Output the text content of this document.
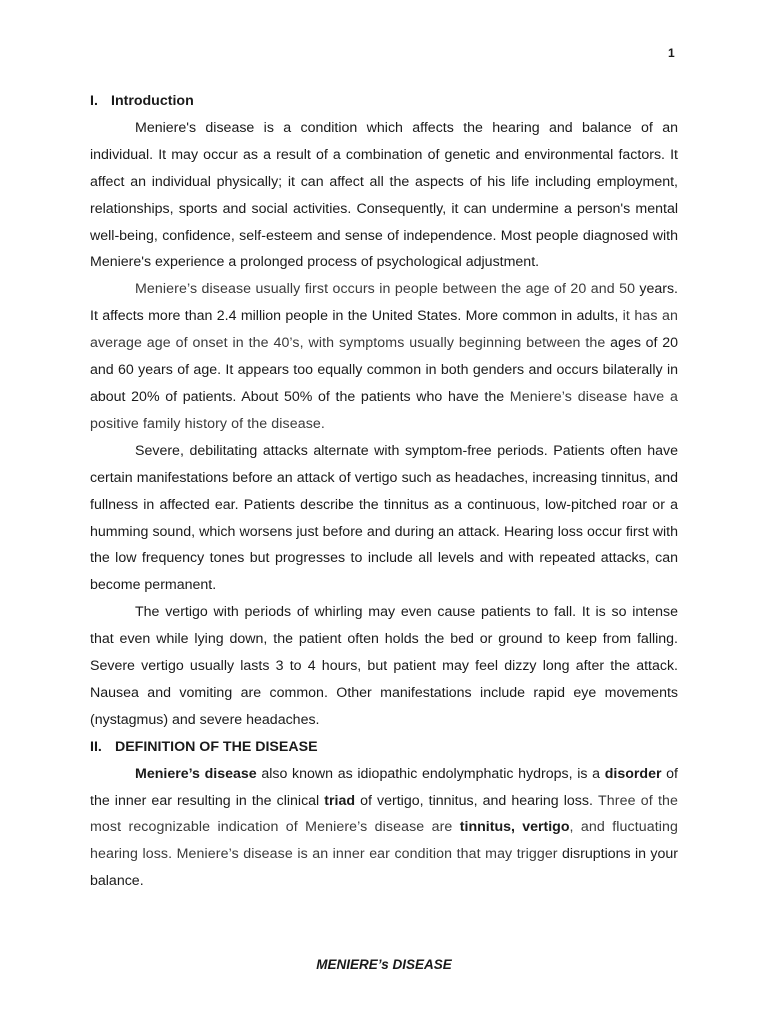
1
I. Introduction

Meniere's disease is a condition which affects the hearing and balance of an individual. It may occur as a result of a combination of genetic and environmental factors. It affect an individual physically; it can affect all the aspects of his life including employment, relationships, sports and social activities. Consequently, it can undermine a person's mental well-being, confidence, self-esteem and sense of independence. Most people diagnosed with Meniere's experience a prolonged process of psychological adjustment.

Meniere’s disease usually first occurs in people between the age of 20 and 50 years. It affects more than 2.4 million people in the United States. More common in adults, it has an average age of onset in the 40’s, with symptoms usually beginning between the ages of 20 and 60 years of age. It appears too equally common in both genders and occurs bilaterally in about 20% of patients. About 50% of the patients who have the Meniere’s disease have a positive family history of the disease.

Severe, debilitating attacks alternate with symptom-free periods. Patients often have certain manifestations before an attack of vertigo such as headaches, increasing tinnitus, and fullness in affected ear. Patients describe the tinnitus as a continuous, low-pitched roar or a humming sound, which worsens just before and during an attack. Hearing loss occur first with the low frequency tones but progresses to include all levels and with repeated attacks, can become permanent.

The vertigo with periods of whirling may even cause patients to fall. It is so intense that even while lying down, the patient often holds the bed or ground to keep from falling. Severe vertigo usually lasts 3 to 4 hours, but patient may feel dizzy long after the attack. Nausea and vomiting are common. Other manifestations include rapid eye movements (nystagmus) and severe headaches.

II. DEFINITION OF THE DISEASE

Meniere’s disease also known as idiopathic endolymphatic hydrops, is a disorder of the inner ear resulting in the clinical triad of vertigo, tinnitus, and hearing loss. Three of the most recognizable indication of Meniere’s disease are tinnitus, vertigo, and fluctuating hearing loss. Meniere’s disease is an inner ear condition that may trigger disruptions in your balance.

MENIERE’s DISEASE
